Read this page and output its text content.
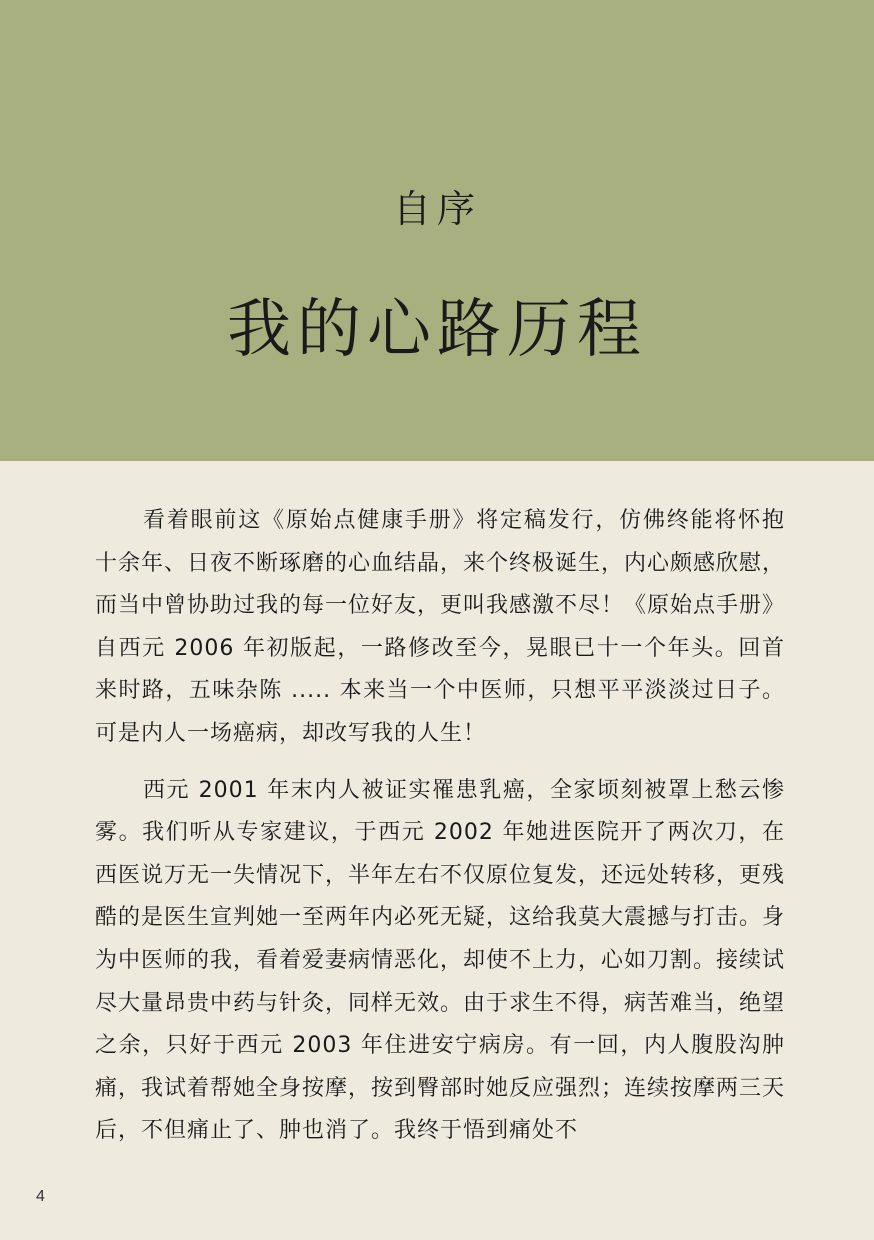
自序
我的心路历程

看着眼前这《原始点健康手册》将定稿发行，仿佛终能将怀抱十余年、日夜不断琢磨的心血结晶，来个终极诞生，内心颇感欣慰，而当中曾协助过我的每一位好友，更叫我感激不尽！《原始点手册》自西元 2006 年初版起，一路修改至今，晃眼已十一个年头。回首来时路，五味杂陈 ..... 本来当一个中医师，只想平平淡淡过日子。可是内人一场癌病，却改写我的人生！

西元 2001 年末内人被证实罹患乳癌，全家顷刻被罩上愁云惨雾。我们听从专家建议，于西元 2002 年她进医院开了两次刀，在西医说万无一失情况下，半年左右不仅原位复发，还远处转移，更残酷的是医生宣判她一至两年内必死无疑，这给我莫大震撼与打击。身为中医师的我，看着爱妻病情恶化，却使不上力，心如刀割。接续试尽大量昂贵中药与针灸，同样无效。由于求生不得，病苦难当，绝望之余，只好于西元 2003 年住进安宁病房。有一回，内人腹股沟肿痛，我试着帮她全身按摩，按到臀部时她反应强烈；连续按摩两三天后，不但痛止了、肿也消了。我终于悟到痛处不

4
